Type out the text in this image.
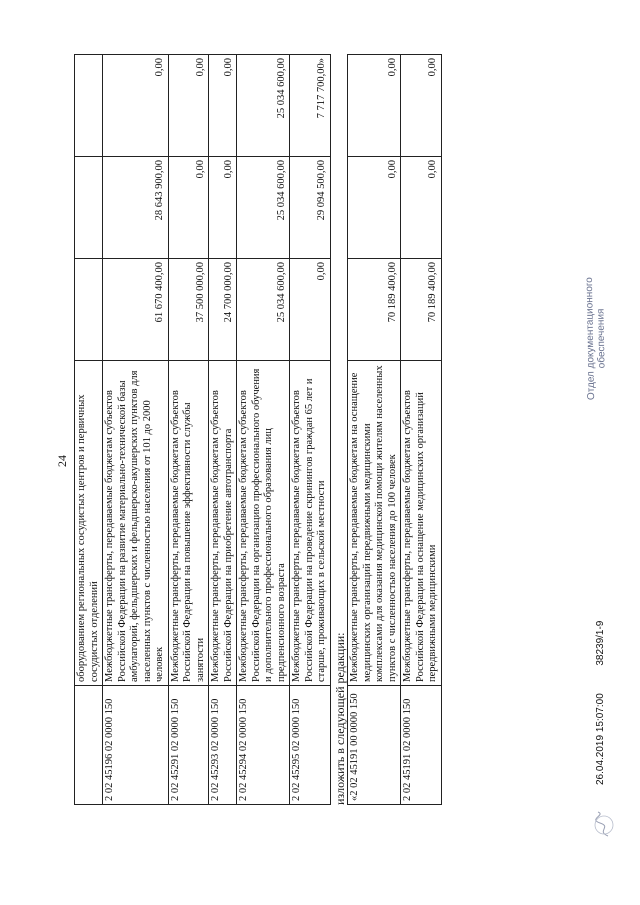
24
	оборудованием региональных сосудистых центров и первичных сосудистых отделений			
2 02 45196 02 0000 150	Межбюджетные трансферты, передаваемые бюджетам субъектов Российской Федерации на развитие материально-технической базы амбулаторий, фельдшерских и фельдшерско-акушерских пунктов для населенных пунктов с численностью населения от 101 до 2000 человек	61 670 400,00	28 643 900,00	0,00
2 02 45291 02 0000 150	Межбюджетные трансферты, передаваемые бюджетам субъектов Российской Федерации на повышение эффективности службы занятости	37 500 000,00	0,00	0,00
2 02 45293 02 0000 150	Межбюджетные трансферты, передаваемые бюджетам субъектов Российской Федерации на приобретение автотранспорта	24 700 000,00	0,00	0,00
2 02 45294 02 0000 150	Межбюджетные трансферты, передаваемые бюджетам субъектов Российской Федерации на организацию профессионального обучения и дополнительного профессионального образования лиц предпенсионного возраста	25 034 600,00	25 034 600,00	25 034 600,00
2 02 45295 02 0000 150	Межбюджетные трансферты, передаваемые бюджетам субъектов Российской Федерации на проведение скринингов граждан 65 лет и старше, проживающих в сельской местности	0,00	29 094 500,00	7 717 700,00»
изложить в следующей редакции: «2 02 45191 00 0000 150	Межбюджетные трансферты, передаваемые бюджетам на оснащение медицинских организаций передвижными медицинскими комплексами для оказания медицинской помощи жителям населенных пунктов с численностью населения до 100 человек	70 189 400,00	0,00	0,00
2 02 45191 02 0000 150	Межбюджетные трансферты, передаваемые бюджетам субъектов Российской Федерации на оснащение медицинских организаций передвижными медицинскими	70 189 400,00	0,00	0,00
26.04.2019 15:07:00  38239/1-9
Отдел документационного
обеспечения
